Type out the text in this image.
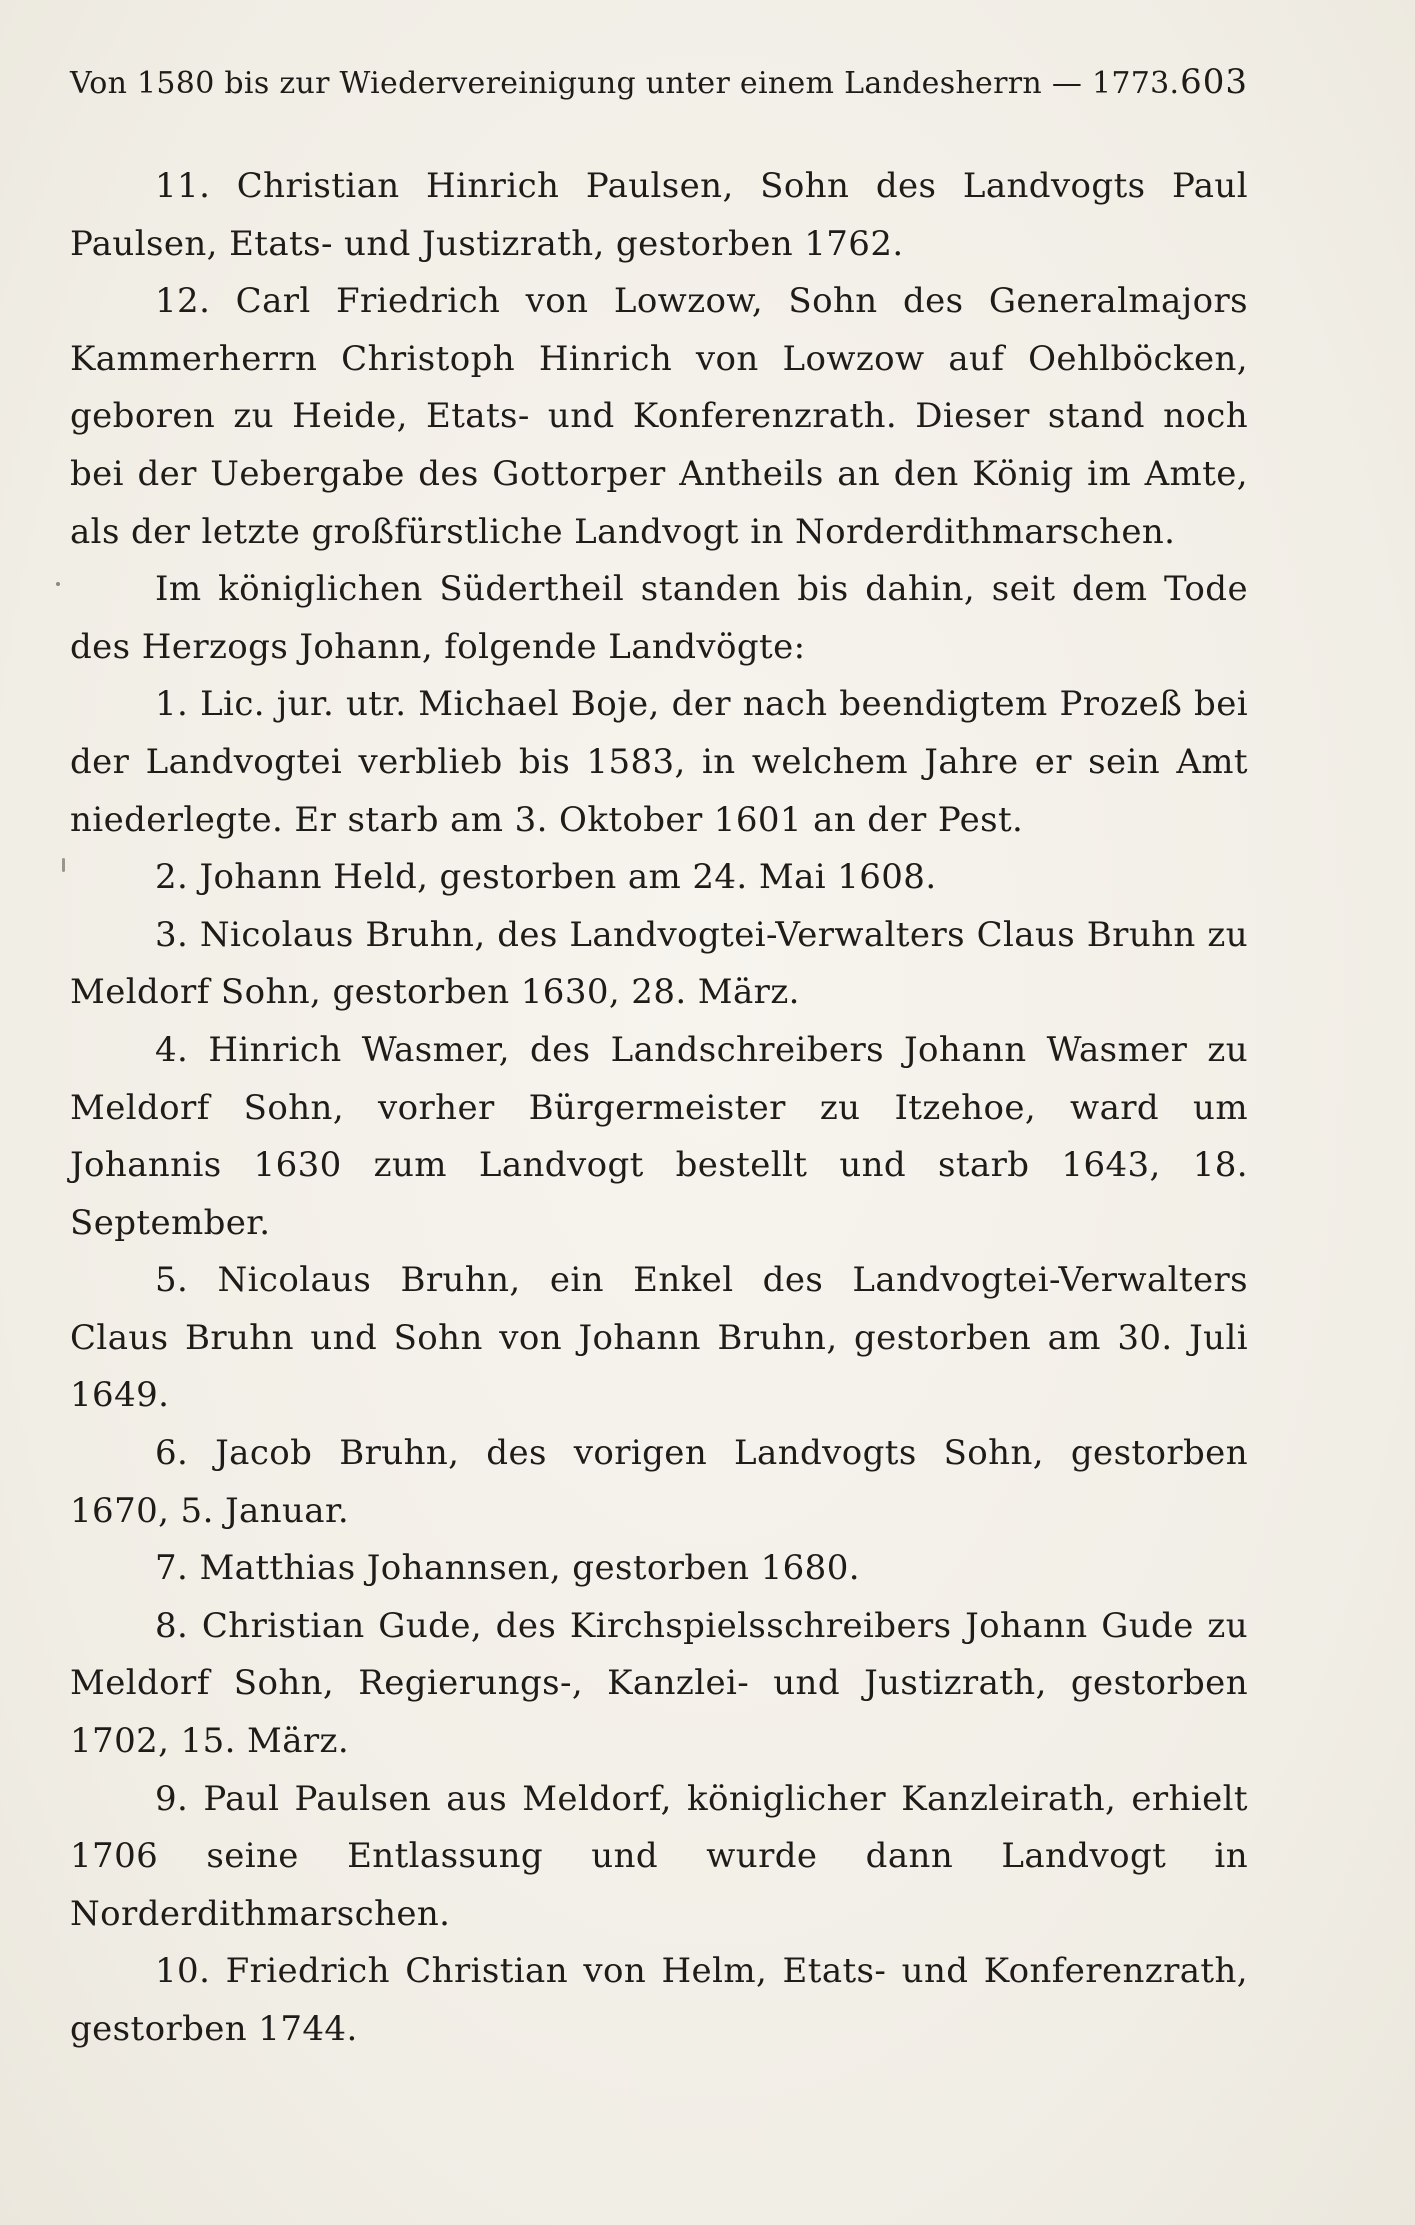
Von 1580 bis zur Wiedervereinigung unter einem Landesherrn — 1773. 603

11. Christian Hinrich Paulsen, Sohn des Landvogts Paul Paulsen, Etats- und Justizrath, gestorben 1762.

12. Carl Friedrich von Lowzow, Sohn des Generalmajors Kammerherrn Christoph Hinrich von Lowzow auf Oehlböcken, geboren zu Heide, Etats- und Konferenzrath. Dieser stand noch bei der Uebergabe des Gottorper Antheils an den König im Amte, als der letzte großfürstliche Landvogt in Norderdithmarschen.

Im königlichen Südertheil standen bis dahin, seit dem Tode des Herzogs Johann, folgende Landvögte:

1. Lic. jur. utr. Michael Boje, der nach beendigtem Prozeß bei der Landvogtei verblieb bis 1583, in welchem Jahre er sein Amt niederlegte. Er starb am 3. Oktober 1601 an der Pest.

2. Johann Held, gestorben am 24. Mai 1608.

3. Nicolaus Bruhn, des Landvogtei-Verwalters Claus Bruhn zu Meldorf Sohn, gestorben 1630, 28. März.

4. Hinrich Wasmer, des Landschreibers Johann Wasmer zu Meldorf Sohn, vorher Bürgermeister zu Itzehoe, ward um Johannis 1630 zum Landvogt bestellt und starb 1643, 18. September.

5. Nicolaus Bruhn, ein Enkel des Landvogtei-Verwalters Claus Bruhn und Sohn von Johann Bruhn, gestorben am 30. Juli 1649.

6. Jacob Bruhn, des vorigen Landvogts Sohn, gestorben 1670, 5. Januar.

7. Matthias Johannsen, gestorben 1680.

8. Christian Gude, des Kirchspielsschreibers Johann Gude zu Meldorf Sohn, Regierungs-, Kanzlei- und Justizrath, gestorben 1702, 15. März.

9. Paul Paulsen aus Meldorf, königlicher Kanzleirath, erhielt 1706 seine Entlassung und wurde dann Landvogt in Norderdithmarschen.

10. Friedrich Christian von Helm, Etats- und Konferenzrath, gestorben 1744.
